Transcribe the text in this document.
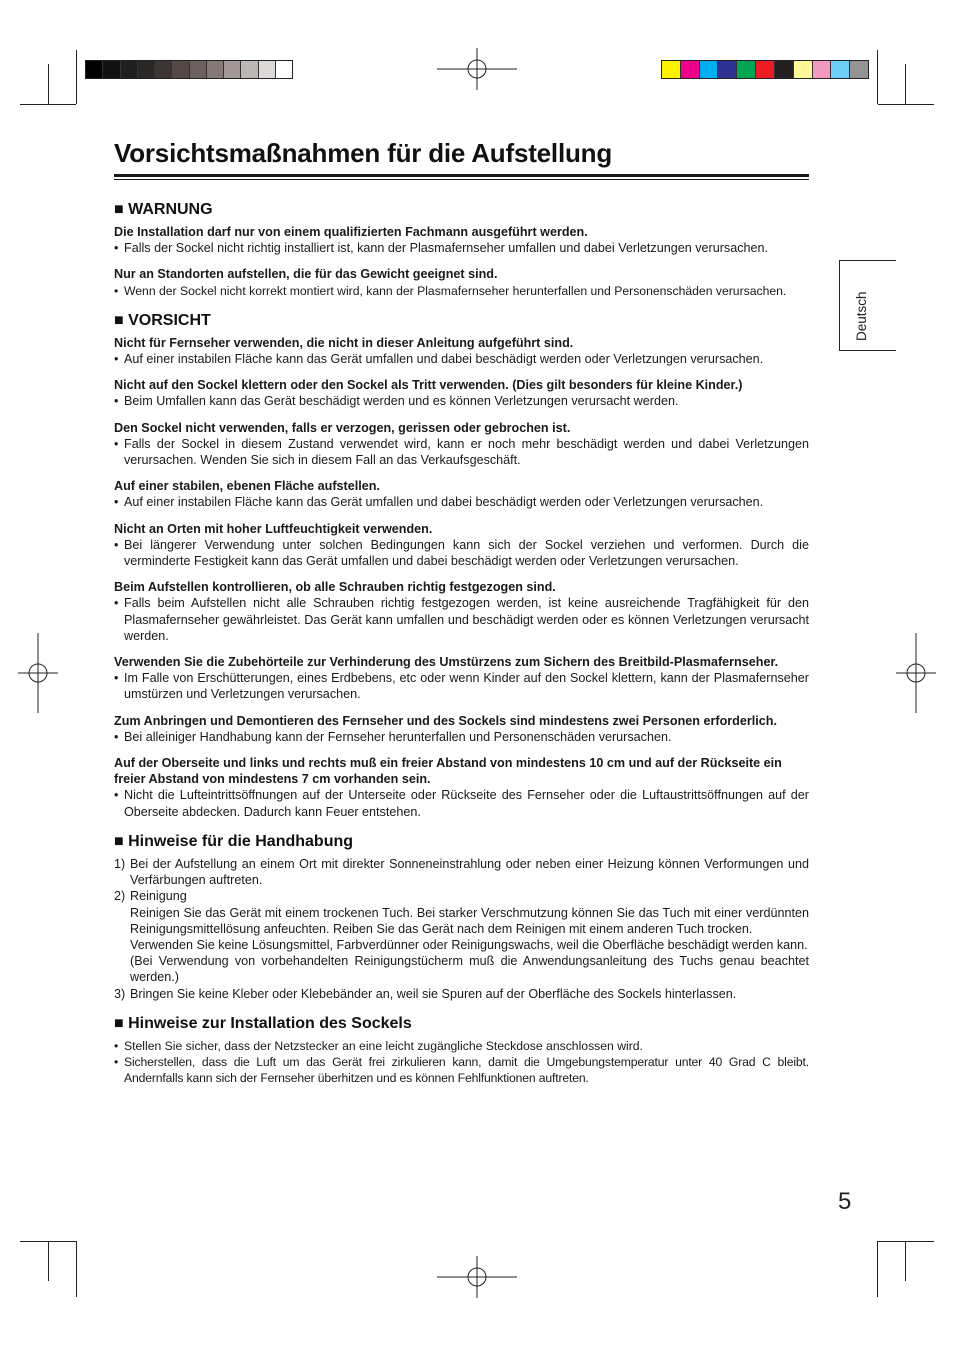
Vorsichtsmaßnahmen für die Aufstellung
Deutsch
■ WARNUNG

Die Installation darf nur von einem qualifizierten Fachmann ausgeführt werden.

• Falls der Sockel nicht richtig installiert ist, kann der Plasmafernseher umfallen und dabei Verletzungen verursachen.

Nur an Standorten aufstellen, die für das Gewicht geeignet sind.

• Wenn der Sockel nicht korrekt montiert wird, kann der Plasmafernseher herunterfallen und Personenschäden verursachen.

■ VORSICHT

Nicht für Fernseher verwenden, die nicht in dieser Anleitung aufgeführt sind.

• Auf einer instabilen Fläche kann das Gerät umfallen und dabei beschädigt werden oder Verletzungen verursachen.

Nicht auf den Sockel klettern oder den Sockel als Tritt verwenden. (Dies gilt besonders für kleine Kinder.)

• Beim Umfallen kann das Gerät beschädigt werden und es können Verletzungen verursacht werden.

Den Sockel nicht verwenden, falls er verzogen, gerissen oder gebrochen ist.

• Falls der Sockel in diesem Zustand verwendet wird, kann er noch mehr beschädigt werden und dabei Verletzungen verursachen. Wenden Sie sich in diesem Fall an das Verkaufsgeschäft.

Auf einer stabilen, ebenen Fläche aufstellen.

• Auf einer instabilen Fläche kann das Gerät umfallen und dabei beschädigt werden oder Verletzungen verursachen.

Nicht an Orten mit hoher Luftfeuchtigkeit verwenden.

• Bei längerer Verwendung unter solchen Bedingungen kann sich der Sockel verziehen und verformen. Durch die verminderte Festigkeit kann das Gerät umfallen und dabei beschädigt werden oder Verletzungen verursachen.

Beim Aufstellen kontrollieren, ob alle Schrauben richtig festgezogen sind.

• Falls beim Aufstellen nicht alle Schrauben richtig festgezogen werden, ist keine ausreichende Tragfähigkeit für den Plasmafernseher gewährleistet. Das Gerät kann umfallen und beschädigt werden oder es können Verletzungen verursacht werden.

Verwenden Sie die Zubehörteile zur Verhinderung des Umstürzens zum Sichern des Breitbild-Plasmafernseher.

• Im Falle von Erschütterungen, eines Erdbebens, etc oder wenn Kinder auf den Sockel klettern, kann der Plasmafernseher umstürzen und Verletzungen verursachen.

Zum Anbringen und Demontieren des Fernseher und des Sockels sind mindestens zwei Personen erforderlich.

• Bei alleiniger Handhabung kann der Fernseher herunterfallen und Personenschäden verursachen.

Auf der Oberseite und links und rechts muß ein freier Abstand von mindestens 10 cm und auf der Rückseite ein freier Abstand von mindestens 7 cm vorhanden sein.

• Nicht die Lufteintrittsöffnungen auf der Unterseite oder Rückseite des Fernseher oder die Luftaustrittsöffnungen auf der Oberseite abdecken. Dadurch kann Feuer entstehen.

■ Hinweise für die Handhabung

1) Bei der Aufstellung an einem Ort mit direkter Sonneneinstrahlung oder neben einer Heizung können Verformungen und Verfärbungen auftreten.

2) Reinigung

Reinigen Sie das Gerät mit einem trockenen Tuch. Bei starker Verschmutzung können Sie das Tuch mit einer verdünnten Reinigungsmittellösung anfeuchten. Reiben Sie das Gerät nach dem Reinigen mit einem anderen Tuch trocken.

Verwenden Sie keine Lösungsmittel, Farbverdünner oder Reinigungswachs, weil die Oberfläche beschädigt werden kann.

(Bei Verwendung von vorbehandelten Reinigungstücherm muß die Anwendungsanleitung des Tuchs genau beachtet werden.)

3) Bringen Sie keine Kleber oder Klebebänder an, weil sie Spuren auf der Oberfläche des Sockels hinterlassen.

■ Hinweise zur Installation des Sockels

• Stellen Sie sicher, dass der Netzstecker an eine leicht zugängliche Steckdose anschlossen wird.

• Sicherstellen, dass die Luft um das Gerät frei zirkulieren kann, damit die Umgebungstemperatur unter 40 Grad C bleibt. Andernfalls kann sich der Fernseher überhitzen und es können Fehlfunktionen auftreten.

5
